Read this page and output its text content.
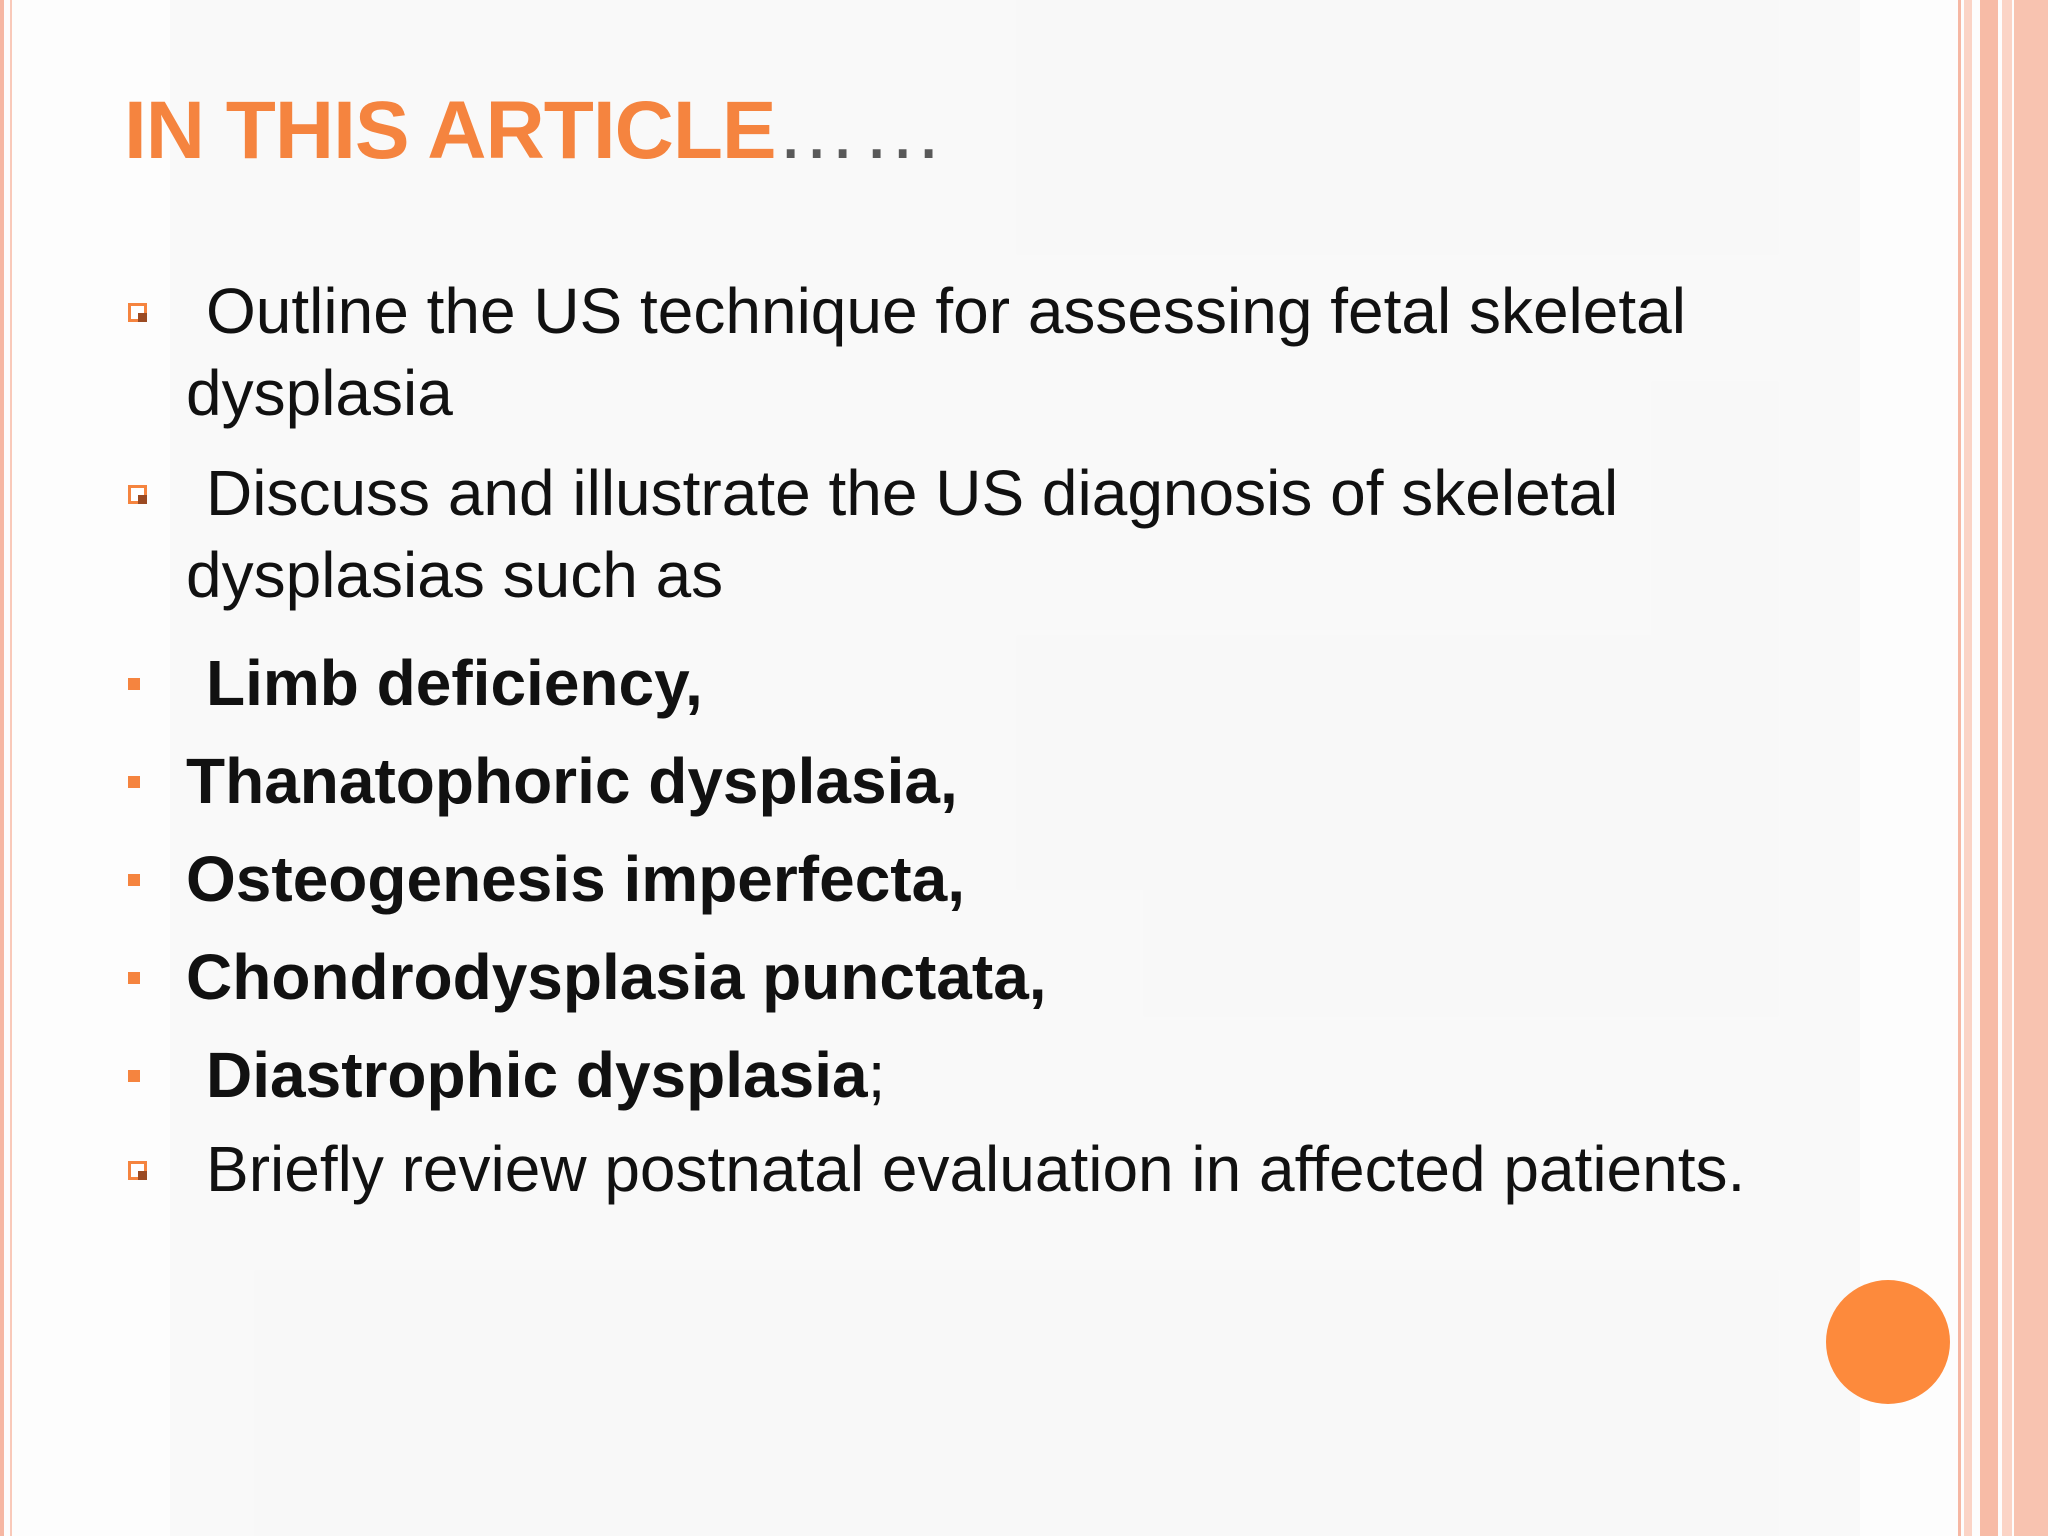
IN THIS ARTICLE……
Outline the US technique for assessing fetal skeletal dysplasia
Discuss and illustrate the US diagnosis of skeletal dysplasias such as
Limb deficiency,
Thanatophoric dysplasia,
Osteogenesis imperfecta,
Chondrodysplasia punctata,
Diastrophic dysplasia;
Briefly review postnatal evaluation in affected patients.
